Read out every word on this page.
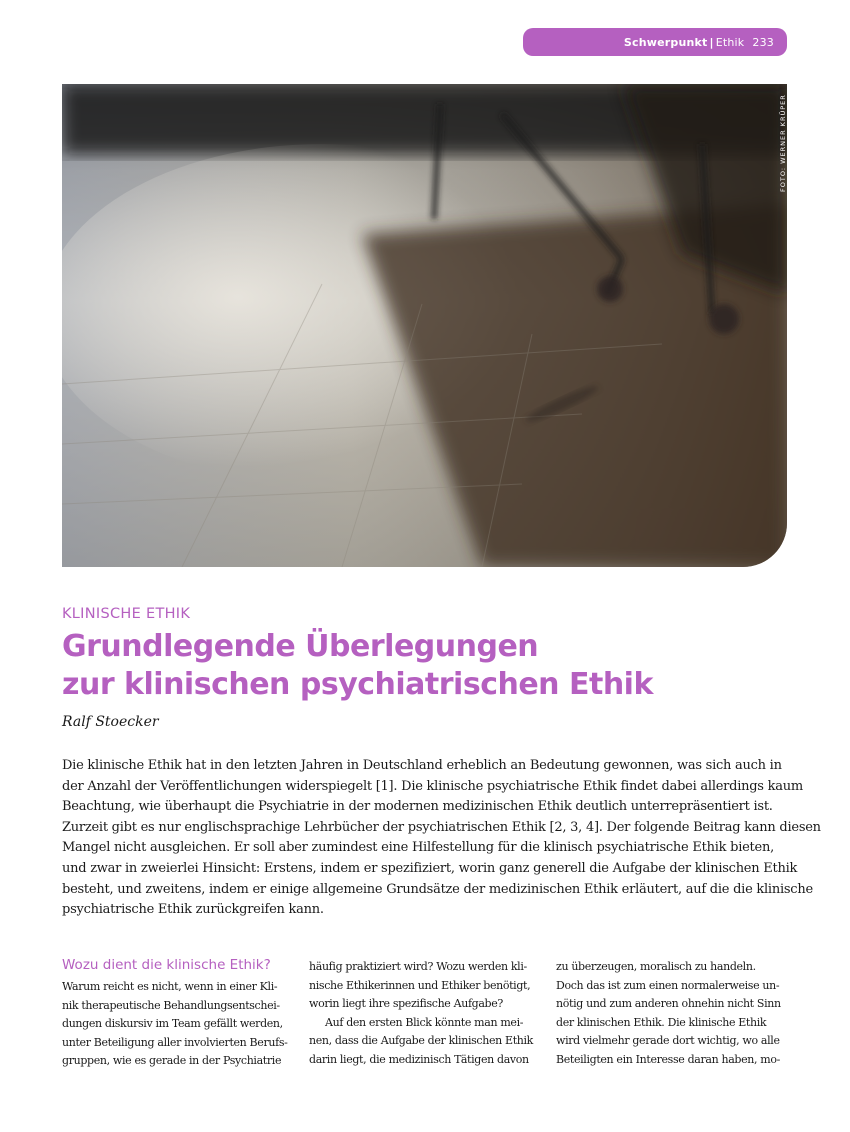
Schwerpunkt | Ethik 233
FOTO: WERNER KRÜPER

KLINISCHE ETHIK

Grundlegende Überlegungen
zur klinischen psychiatrischen Ethik

Ralf Stoecker

Die klinische Ethik hat in den letzten Jahren in Deutschland erheblich an Bedeutung gewonnen, was sich auch in
der Anzahl der Veröffentlichungen widerspiegelt [1]. Die klinische psychiatrische Ethik findet dabei allerdings kaum
Beachtung, wie überhaupt die Psychiatrie in der modernen medizinischen Ethik deutlich unterrepräsentiert ist.
Zurzeit gibt es nur englischsprachige Lehrbücher der psychiatrischen Ethik [2, 3, 4]. Der folgende Beitrag kann diesen
Mangel nicht ausgleichen. Er soll aber zumindest eine Hilfestellung für die klinisch psychiatrische Ethik bieten,
und zwar in zweierlei Hinsicht: Erstens, indem er spezifiziert, worin ganz generell die Aufgabe der klinischen Ethik
besteht, und zweitens, indem er einige allgemeine Grundsätze der medizinischen Ethik erläutert, auf die die klinische
psychiatrische Ethik zurückgreifen kann.

Wozu dient die klinische Ethik?
Warum reicht es nicht, wenn in einer Kli-
nik therapeutische Behandlungsentschei-
dungen diskursiv im Team gefällt werden,
unter Beteiligung aller involvierten Berufs-
gruppen, wie es gerade in der Psychiatrie
häufig praktiziert wird? Wozu werden kli-
nische Ethikerinnen und Ethiker benötigt,
worin liegt ihre spezifische Aufgabe?
Auf den ersten Blick könnte man mei-
nen, dass die Aufgabe der klinischen Ethik
darin liegt, die medizinisch Tätigen davon
zu überzeugen, moralisch zu handeln.
Doch das ist zum einen normalerweise un-
nötig und zum anderen ohnehin nicht Sinn
der klinischen Ethik. Die klinische Ethik
wird vielmehr gerade dort wichtig, wo alle
Beteiligten ein Interesse daran haben, mo-
